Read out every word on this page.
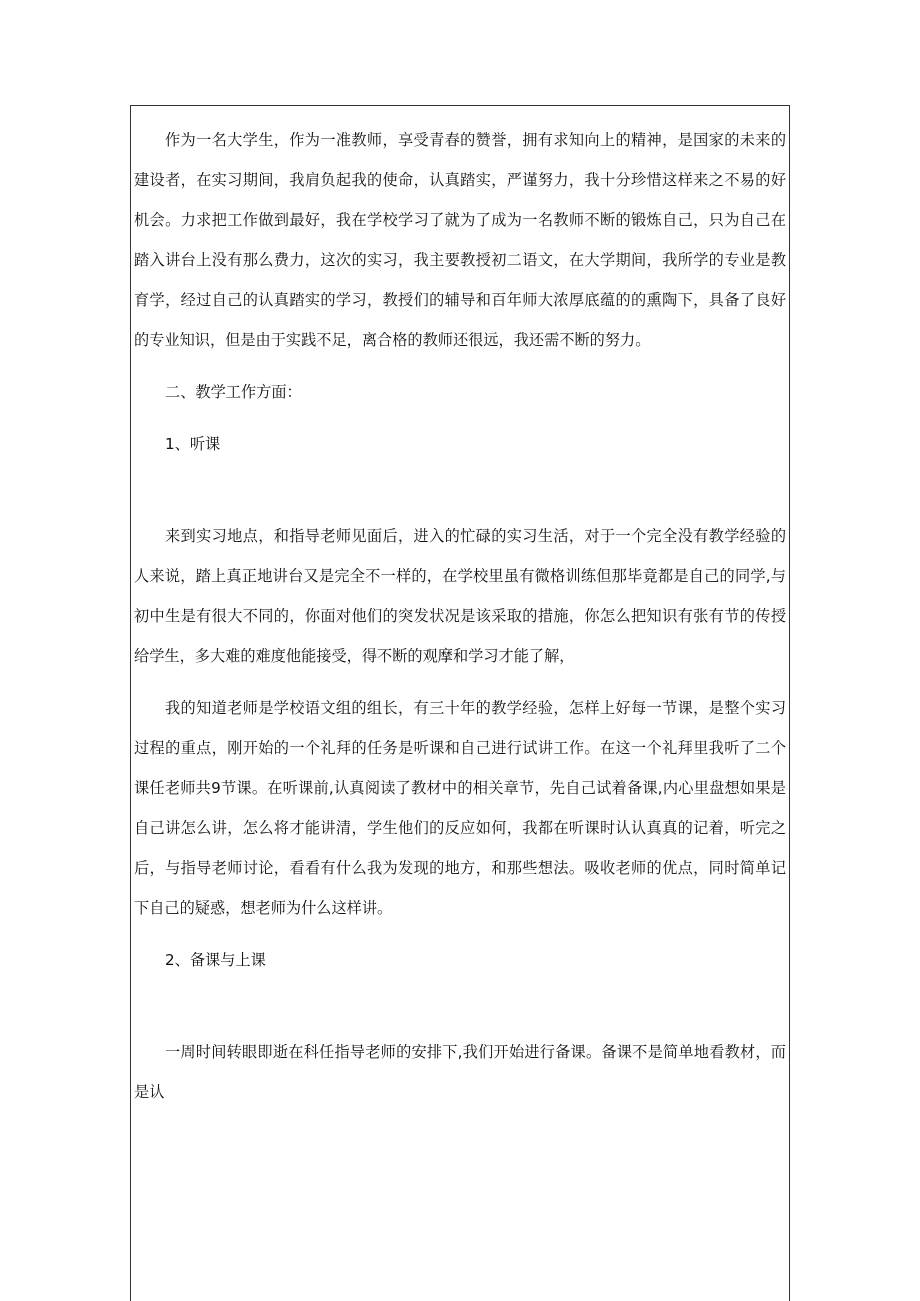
作为一名大学生，作为一准教师，享受青春的赞誉，拥有求知向上的精神，是国家的未来的建设者，在实习期间，我肩负起我的使命，认真踏实，严谨努力，我十分珍惜这样来之不易的好机会。力求把工作做到最好，我在学校学习了就为了成为一名教师不断的锻炼自己，只为自己在踏入讲台上没有那么费力，这次的实习，我主要教授初二语文，在大学期间，我所学的专业是教育学，经过自己的认真踏实的学习，教授们的辅导和百年师大浓厚底蕴的的熏陶下，具备了良好的专业知识，但是由于实践不足，离合格的教师还很远，我还需不断的努力。

二、教学工作方面：

1、听课

来到实习地点，和指导老师见面后，进入的忙碌的实习生活，对于一个完全没有教学经验的人来说，踏上真正地讲台又是完全不一样的，在学校里虽有微格训练但那毕竟都是自己的同学,与初中生是有很大不同的，你面对他们的突发状况是该采取的措施，你怎么把知识有张有节的传授给学生，多大难的难度他能接受，得不断的观摩和学习才能了解，

我的知道老师是学校语文组的组长，有三十年的教学经验，怎样上好每一节课，是整个实习过程的重点，刚开始的一个礼拜的任务是听课和自己进行试讲工作。在这一个礼拜里我听了二个课任老师共9节课。在听课前,认真阅读了教材中的相关章节，先自己试着备课,内心里盘想如果是自己讲怎么讲，怎么将才能讲清，学生他们的反应如何，我都在听课时认认真真的记着，听完之后，与指导老师讨论，看看有什么我为发现的地方，和那些想法。吸收老师的优点，同时简单记下自己的疑惑，想老师为什么这样讲。

2、备课与上课

一周时间转眼即逝在科任指导老师的安排下,我们开始进行备课。备课不是简单地看教材，而是认
